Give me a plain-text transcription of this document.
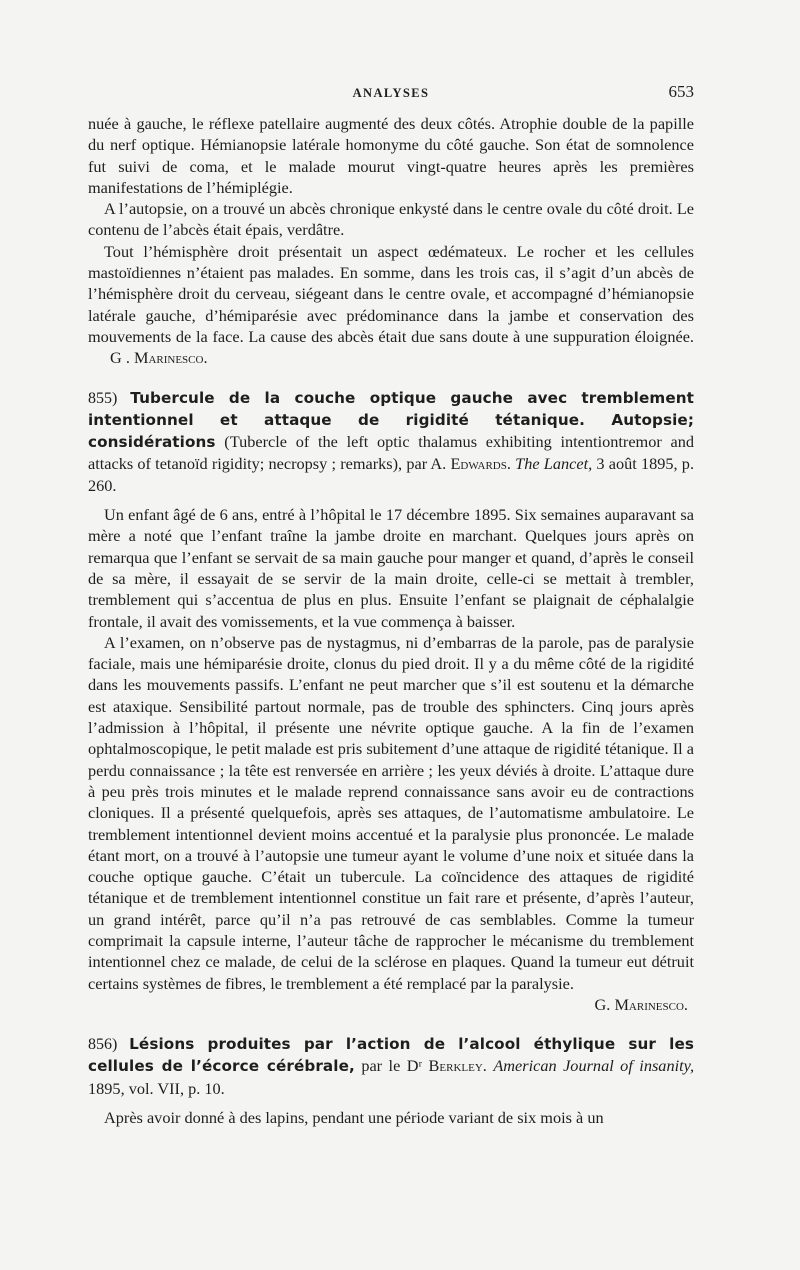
ANALYSES	653

nuée à gauche, le réflexe patellaire augmenté des deux côtés. Atrophie double de la papille du nerf optique. Hémianopsie latérale homonyme du côté gauche. Son état de somnolence fut suivi de coma, et le malade mourut vingt-quatre heures après les premières manifestations de l’hémiplégie.

A l’autopsie, on a trouvé un abcès chronique enkysté dans le centre ovale du côté droit. Le contenu de l’abcès était épais, verdâtre.

Tout l’hémisphère droit présentait un aspect œdémateux. Le rocher et les cellules mastoïdiennes n’étaient pas malades. En somme, dans les trois cas, il s’agit d’un abcès de l’hémisphère droit du cerveau, siégeant dans le centre ovale, et accompagné d’hémianopsie latérale gauche, d’hémiparésie avec prédominance dans la jambe et conservation des mouvements de la face. La cause des abcès était due sans doute à une suppuration éloignée. G . Marinesco.

855) Tubercule de la couche optique gauche avec tremblement intentionnel et attaque de rigidité tétanique. Autopsie; considérations (Tubercle of the left optic thalamus exhibiting intentiontremor and attacks of tetanoïd rigidity; necropsy ; remarks), par A. Edwards. The Lancet, 3 août 1895, p. 260.

Un enfant âgé de 6 ans, entré à l’hôpital le 17 décembre 1895. Six semaines auparavant sa mère a noté que l’enfant traîne la jambe droite en marchant. Quelques jours après on remarqua que l’enfant se servait de sa main gauche pour manger et quand, d’après le conseil de sa mère, il essayait de se servir de la main droite, celle-ci se mettait à trembler, tremblement qui s’accentua de plus en plus. Ensuite l’enfant se plaignait de céphalalgie frontale, il avait des vomissements, et la vue commença à baisser.

A l’examen, on n’observe pas de nystagmus, ni d’embarras de la parole, pas de paralysie faciale, mais une hémiparésie droite, clonus du pied droit. Il y a du même côté de la rigidité dans les mouvements passifs. L’enfant ne peut marcher que s’il est soutenu et la démarche est ataxique. Sensibilité partout normale, pas de trouble des sphincters. Cinq jours après l’admission à l’hôpital, il présente une névrite optique gauche. A la fin de l’examen ophtalmoscopique, le petit malade est pris subitement d’une attaque de rigidité tétanique. Il a perdu connaissance ; la tête est renversée en arrière ; les yeux déviés à droite. L’attaque dure à peu près trois minutes et le malade reprend connaissance sans avoir eu de contractions cloniques. Il a présenté quelquefois, après ses attaques, de l’automatisme ambulatoire. Le tremblement intentionnel devient moins accentué et la paralysie plus prononcée. Le malade étant mort, on a trouvé à l’autopsie une tumeur ayant le volume d’une noix et située dans la couche optique gauche. C’était un tubercule. La coïncidence des attaques de rigidité tétanique et de tremblement intentionnel constitue un fait rare et présente, d’après l’auteur, un grand intérêt, parce qu’il n’a pas retrouvé de cas semblables. Comme la tumeur comprimait la capsule interne, l’auteur tâche de rapprocher le mécanisme du tremblement intentionnel chez ce malade, de celui de la sclérose en plaques. Quand la tumeur eut détruit certains systèmes de fibres, le tremblement a été remplacé par la paralysie.

G. Marinesco.

856) Lésions produites par l’action de l’alcool éthylique sur les cellules de l’écorce cérébrale, par le Dʳ Berkley. American Journal of insanity, 1895, vol. VII, p. 10.

Après avoir donné à des lapins, pendant une période variant de six mois à un
